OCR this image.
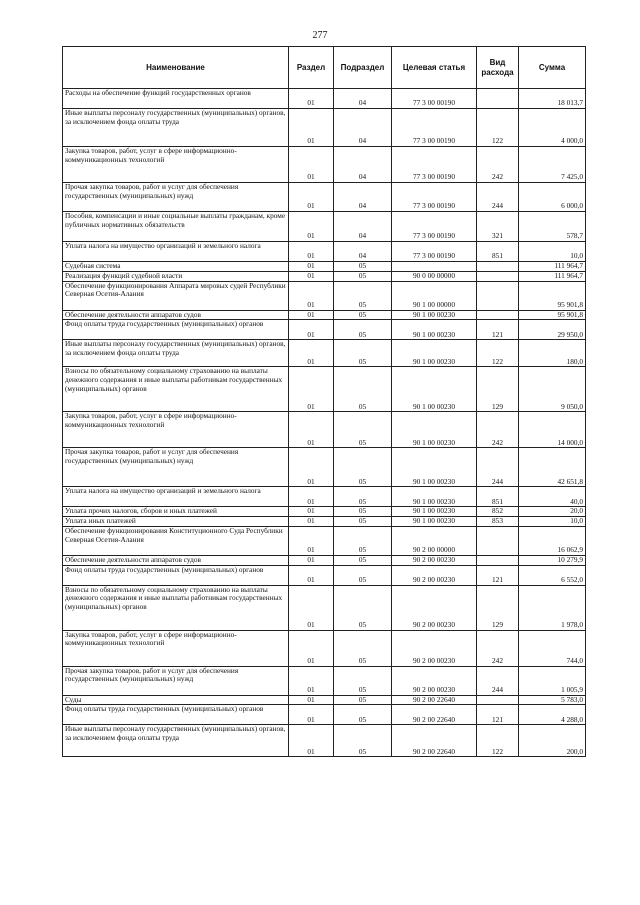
277
Наименование	Раздел	Подраздел	Целевая статья	Вид расхода	Сумма
Расходы на обеспечение функций государственных органов	01	04	77 3 00 00190		18 013,7
Иные выплаты персоналу государственных (муниципальных) органов, за исключением фонда оплаты труда	01	04	77 3 00 00190	122	4 000,0
Закупка товаров, работ, услуг в сфере информационно-коммуникационных технологий	01	04	77 3 00 00190	242	7 425,0
Прочая закупка товаров, работ и услуг для обеспечения государственных (муниципальных) нужд	01	04	77 3 00 00190	244	6 000,0
Пособия, компенсации и иные социальные выплаты гражданам, кроме публичных нормативных обязательств	01	04	77 3 00 00190	321	578,7
Уплата налога на имущество организаций и земельного налога	01	04	77 3 00 00190	851	10,0
Судебная система	01	05			111 964,7
Реализация функций судебной власти	01	05	90 0 00 00000		111 964,7
Обеспечение функционирования Аппарата мировых судей Республики Северная Осетия-Алания	01	05	90 1 00 00000		95 901,8
Обеспечение деятельности аппаратов судов	01	05	90 1 00 00230		95 901,8
Фонд оплаты труда государственных (муниципальных) органов	01	05	90 1 00 00230	121	29 950,0
Иные выплаты персоналу государственных (муниципальных) органов, за исключением фонда оплаты труда	01	05	90 1 00 00230	122	180,0
Взносы по обязательному социальному страхованию на выплаты денежного содержания и иные выплаты работникам государственных (муниципальных) органов	01	05	90 1 00 00230	129	9 050,0
Закупка товаров, работ, услуг в сфере информационно-коммуникационных технологий	01	05	90 1 00 00230	242	14 000,0
Прочая закупка товаров, работ и услуг для обеспечения государственных (муниципальных) нужд	01	05	90 1 00 00230	244	42 651,8
Уплата налога на имущество организаций и земельного налога	01	05	90 1 00 00230	851	40,0
Уплата прочих налогов, сборов и иных платежей	01	05	90 1 00 00230	852	20,0
Уплата иных платежей	01	05	90 1 00 00230	853	10,0
Обеспечение функционирования Конституционного Суда Республики Северная Осетия-Алания	01	05	90 2 00 00000		16 062,9
Обеспечение деятельности аппаратов судов	01	05	90 2 00 00230		10 279,9
Фонд оплаты труда государственных (муниципальных) органов	01	05	90 2 00 00230	121	6 552,0
Взносы по обязательному социальному страхованию на выплаты денежного содержания и иные выплаты работникам государственных (муниципальных) органов	01	05	90 2 00 00230	129	1 978,0
Закупка товаров, работ, услуг в сфере информационно-коммуникационных технологий	01	05	90 2 00 00230	242	744,0
Прочая закупка товаров, работ и услуг для обеспечения государственных (муниципальных) нужд	01	05	90 2 00 00230	244	1 005,9
Суды	01	05	90 2 00 22640		5 783,0
Фонд оплаты труда государственных (муниципальных) органов	01	05	90 2 00 22640	121	4 288,0
Иные выплаты персоналу государственных (муниципальных) органов, за исключением фонда оплаты труда	01	05	90 2 00 22640	122	200,0
